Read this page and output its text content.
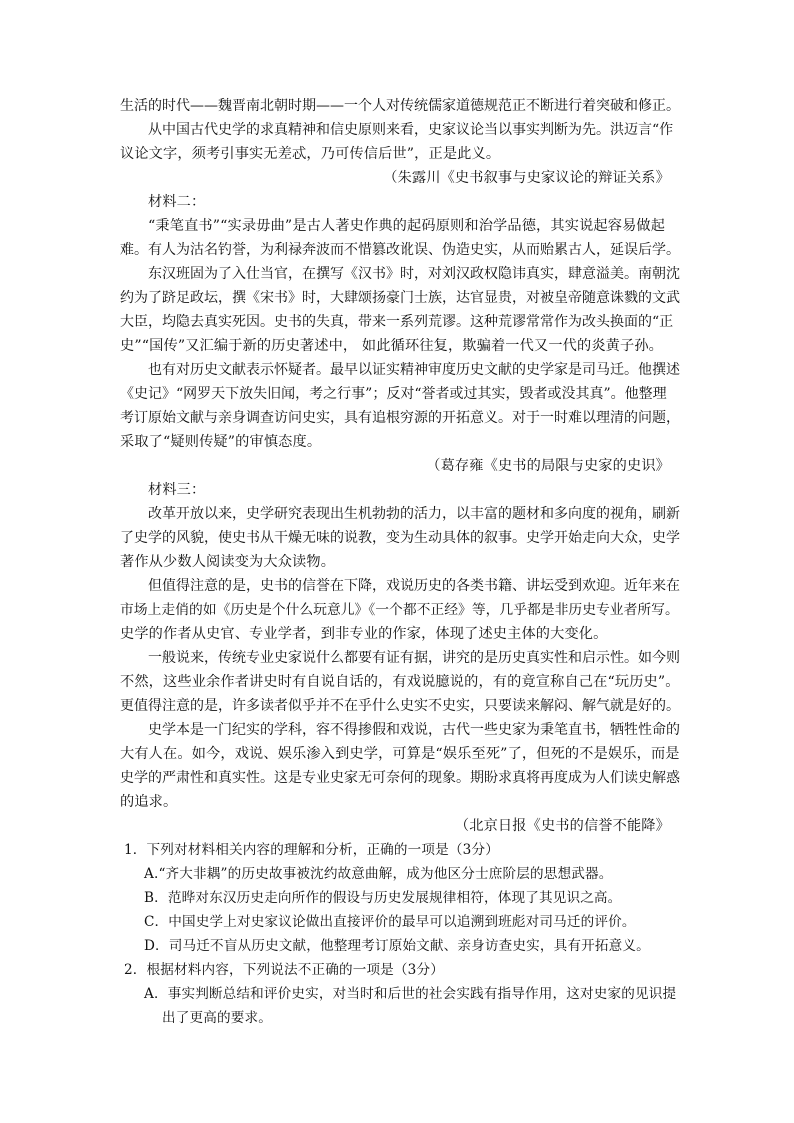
生活的时代——魏晋南北朝时期——一个人对传统儒家道德规范正不断进行着突破和修正。
从中国古代史学的求真精神和信史原则来看，史家议论当以事实判断为先。洪迈言“作
议论文字，须考引事实无差忒，乃可传信后世”，正是此义。
（朱露川《史书叙事与史家议论的辩证关系》
材料二：
“秉笔直书”“实录毋曲”是古人著史作典的起码原则和治学品德，其实说起容易做起
难。有人为沽名钓誉，为利禄奔波而不惜篡改讹误、伪造史实，从而贻累古人，延误后学。
东汉班固为了入仕当官，在撰写《汉书》时，对刘汉政权隐讳真实，肆意溢美。南朝沈
约为了跻足政坛，撰《宋书》时，大肆颂扬豪门士族，达官显贵，对被皇帝随意诛戮的文武
大臣，均隐去真实死因。史书的失真，带来一系列荒谬。这种荒谬常常作为改头换面的“正
史”“国传”又汇编于新的历史著述中， 如此循环往复，欺骗着一代又一代的炎黄子孙。
也有对历史文献表示怀疑者。最早以证实精神审度历史文献的史学家是司马迁。他撰述
《史记》“网罗天下放失旧闻，考之行事”；反对“誉者或过其实，毁者或没其真”。他整理
考订原始文献与亲身调查访问史实，具有追根穷源的开拓意义。对于一时难以理清的问题，
采取了“疑则传疑”的审慎态度。
（葛存雍《史书的局限与史家的史识》
材料三：
改革开放以来，史学研究表现出生机勃勃的活力，以丰富的题材和多向度的视角，刷新
了史学的风貌，使史书从干燥无味的说教，变为生动具体的叙事。史学开始走向大众，史学
著作从少数人阅读变为大众读物。
但值得注意的是，史书的信誉在下降，戏说历史的各类书籍、讲坛受到欢迎。近年来在
市场上走俏的如《历史是个什么玩意儿》《一个都不正经》等，几乎都是非历史专业者所写。
史学的作者从史官、专业学者，到非专业的作家，体现了述史主体的大变化。
一般说来，传统专业史家说什么都要有证有据，讲究的是历史真实性和启示性。如今则
不然，这些业余作者讲史时有自说自话的，有戏说臆说的，有的竟宣称自己在“玩历史”。
更值得注意的是，许多读者似乎并不在乎什么史实不史实，只要读来解闷、解气就是好的。
史学本是一门纪实的学科，容不得掺假和戏说，古代一些史家为秉笔直书，牺牲性命的
大有人在。如今，戏说、娱乐渗入到史学，可算是“娱乐至死”了，但死的不是娱乐，而是
史学的严肃性和真实性。这是专业史家无可奈何的现象。期盼求真将再度成为人们读史解惑
的追求。
（北京日报《史书的信誉不能降》
1．下列对材料相关内容的理解和分析，正确的一项是（3分）
A.“齐大非耦”的历史故事被沈约故意曲解，成为他区分士庶阶层的思想武器。
B．范晔对东汉历史走向所作的假设与历史发展规律相符，体现了其见识之高。
C．中国史学上对史家议论做出直接评价的最早可以追溯到班彪对司马迁的评价。
D．司马迁不盲从历史文献，他整理考订原始文献、亲身访查史实，具有开拓意义。
2．根据材料内容，下列说法不正确的一项是（3分）
A．事实判断总结和评价史实，对当时和后世的社会实践有指导作用，这对史家的见识提
出了更高的要求。
